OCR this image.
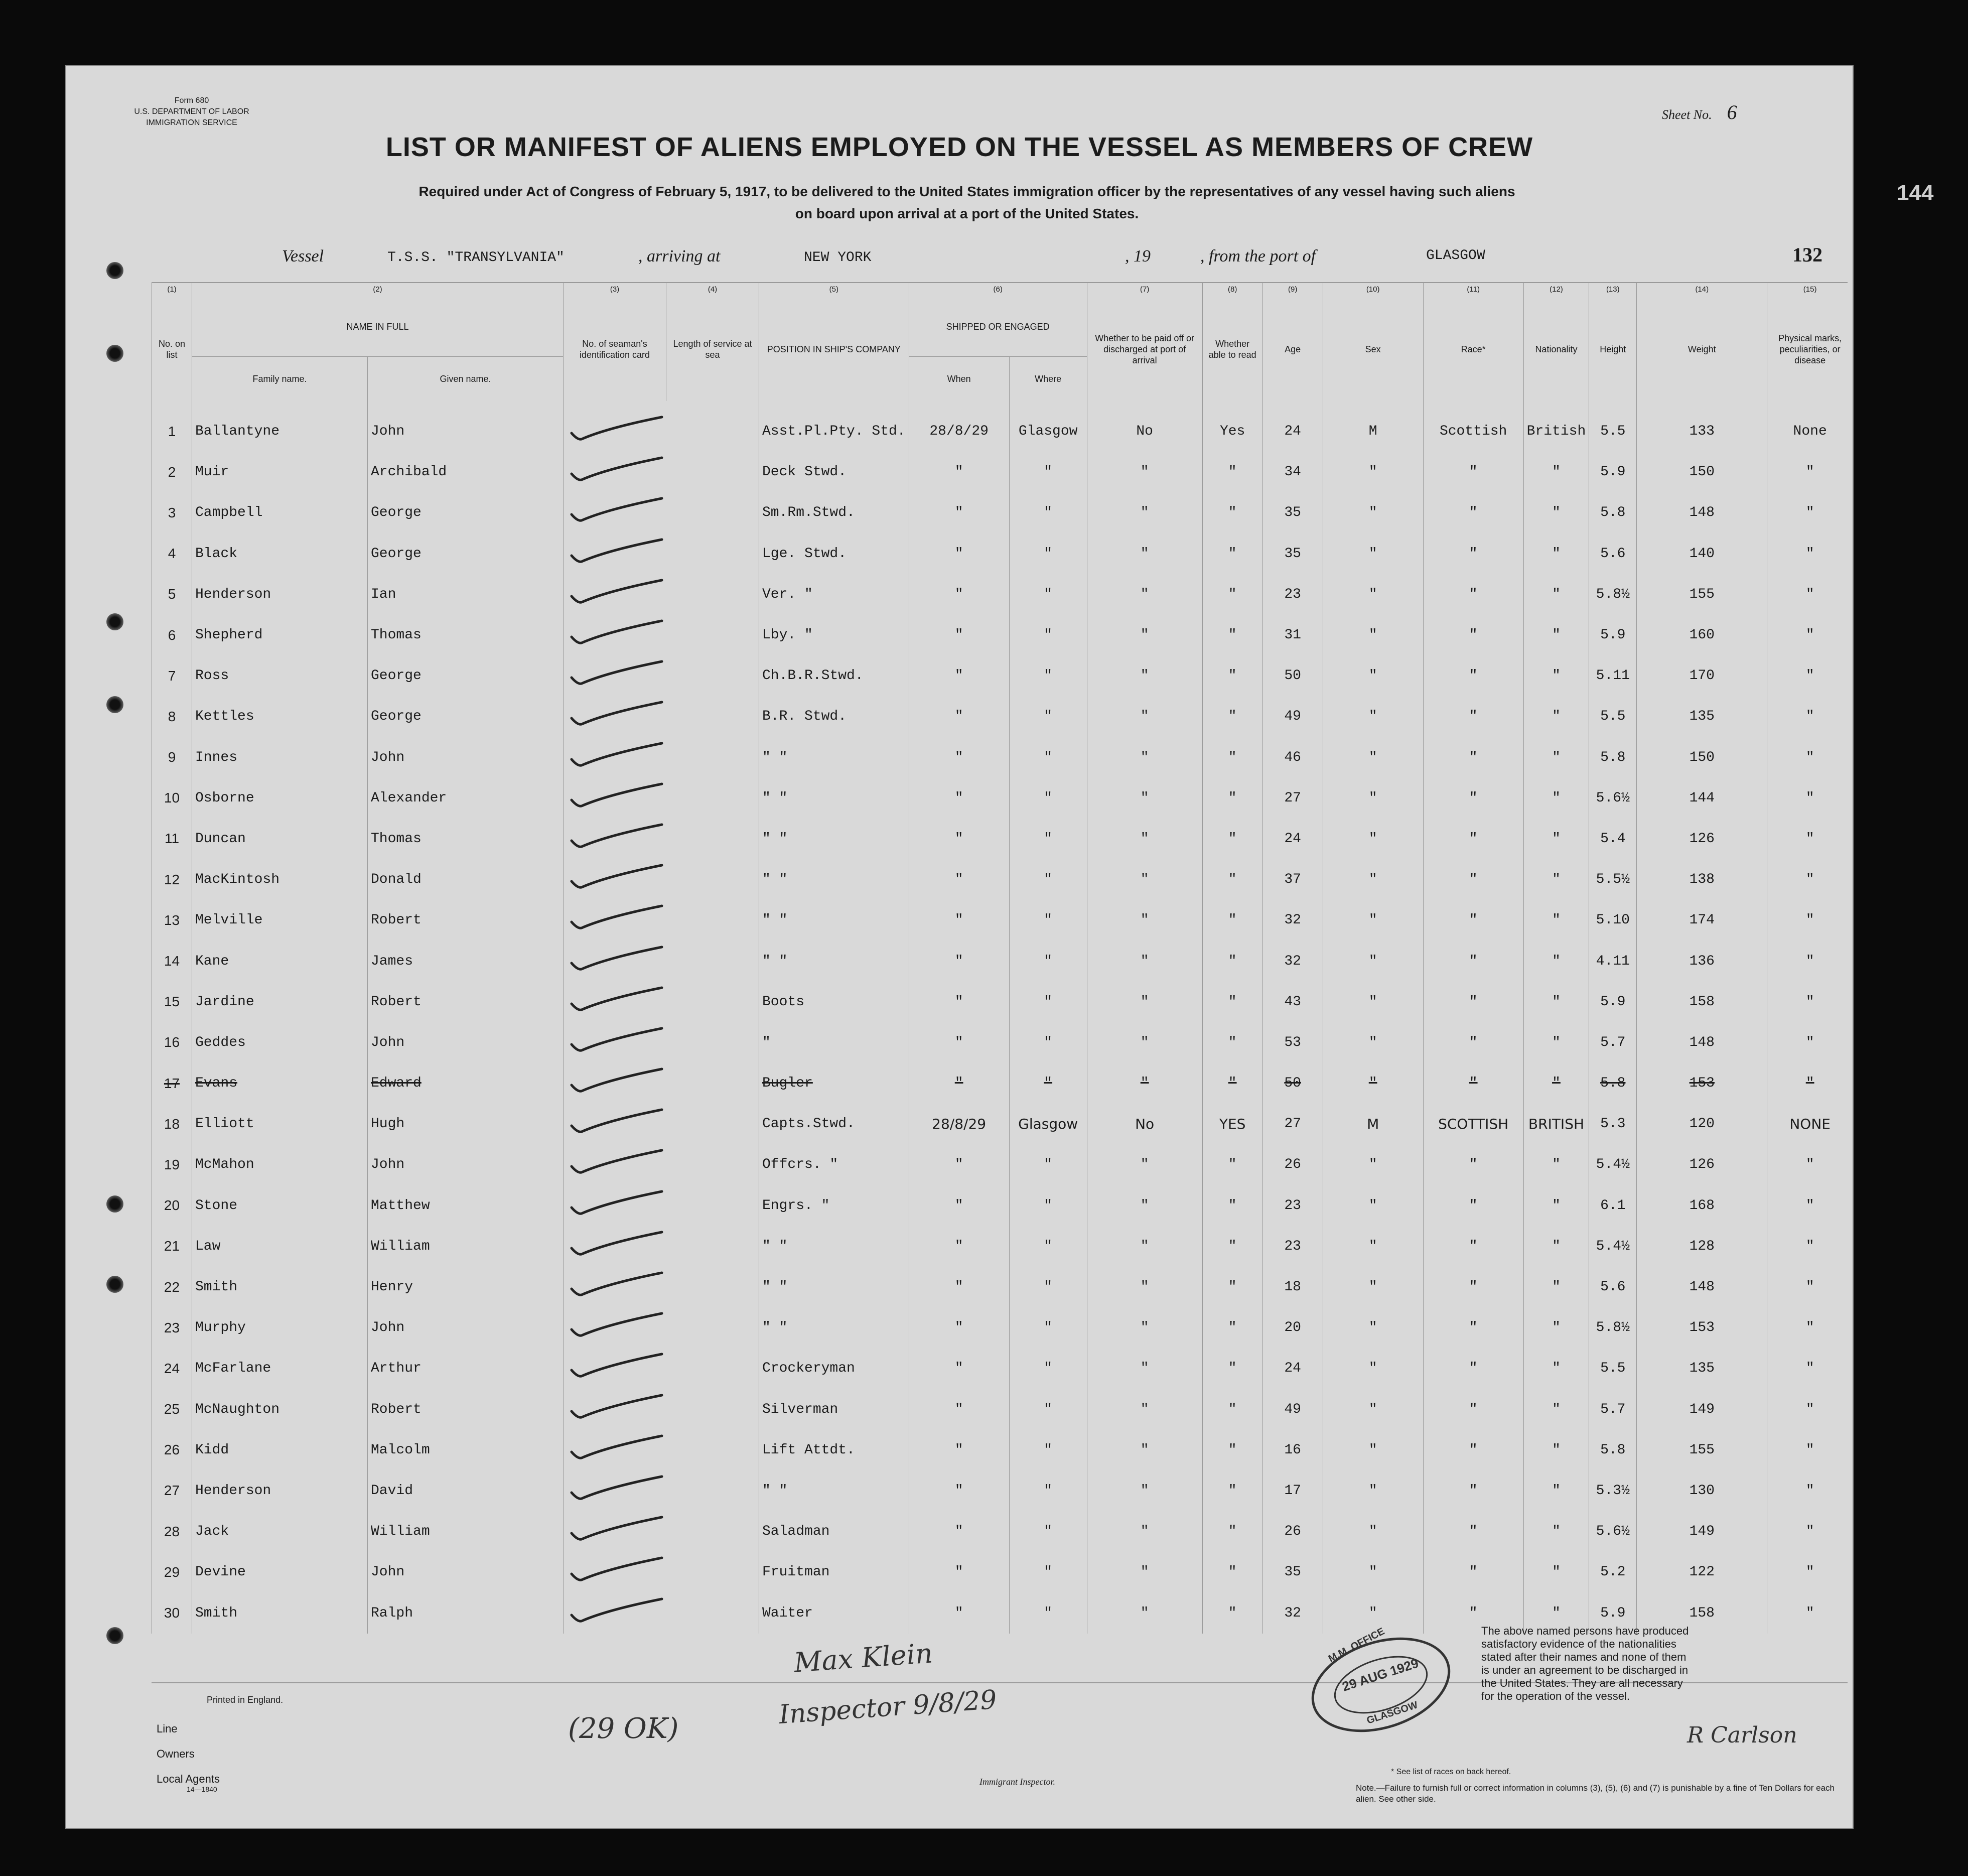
144
Form 680
U.S. DEPARTMENT OF LABOR
IMMIGRATION SERVICE
Sheet No. 6
LIST OR MANIFEST OF ALIENS EMPLOYED ON THE VESSEL AS MEMBERS OF CREW
Required under Act of Congress of February 5, 1917, to be delivered to the United States immigration officer by the representatives of any vessel having such aliens
on board upon arrival at a port of the United States.
Vessel	T.S.S. "TRANSYLVANIA"	, arriving at	NEW YORK	, 19	, from the port of	GLASGOW	132
(1)	(2)		(3)	(4)	(5)	(6)		(7)	(8)	(9)	(10)	(11)	(12)	(13)	(14)	(15)
No. on list	NAME IN FULL		No. of seaman's identification card	Length of service at sea	POSITION IN SHIP'S COMPANY	SHIPPED OR ENGAGED		Whether to be paid off or discharged at port of arrival	Whether able to read	Age	Sex	Race*	Nationality	Height	Weight	Physical marks, peculiarities, or disease
	Family name.	Given name.				When	Where									
1	Ballantyne	John			Asst.Pl.Pty. Std.	28/8/29	Glasgow	No	Yes	24	M	Scottish	British	5.5	133	None
2	Muir	Archibald			Deck Stwd.	"	"	"	"	34	"	"	"	5.9	150	"
3	Campbell	George			Sm.Rm.Stwd.	"	"	"	"	35	"	"	"	5.8	148	"
4	Black	George			Lge. Stwd.	"	"	"	"	35	"	"	"	5.6	140	"
5	Henderson	Ian			Ver. "	"	"	"	"	23	"	"	"	5.8½	155	"
6	Shepherd	Thomas			Lby. "	"	"	"	"	31	"	"	"	5.9	160	"
7	Ross	George			Ch.B.R.Stwd.	"	"	"	"	50	"	"	"	5.11	170	"
8	Kettles	George			B.R. Stwd.	"	"	"	"	49	"	"	"	5.5	135	"
9	Innes	John			" "	"	"	"	"	46	"	"	"	5.8	150	"
10	Osborne	Alexander			" "	"	"	"	"	27	"	"	"	5.6½	144	"
11	Duncan	Thomas			" "	"	"	"	"	24	"	"	"	5.4	126	"
12	MacKintosh	Donald			" "	"	"	"	"	37	"	"	"	5.5½	138	"
13	Melville	Robert			" "	"	"	"	"	32	"	"	"	5.10	174	"
14	Kane	James			" "	"	"	"	"	32	"	"	"	4.11	136	"
15	Jardine	Robert			Boots	"	"	"	"	43	"	"	"	5.9	158	"
16	Geddes	John			"	"	"	"	"	53	"	"	"	5.7	148	"
17	Evans	Edward			Bugler	"	"	"	"	50	"	"	"	5.8	153	"
18	Elliott	Hugh			Capts.Stwd.	28/8/29	Glasgow	No	YES	27	M	SCOTTISH	BRITISH	5.3	120	NONE
19	McMahon	John			Offcrs. "	"	"	"	"	26	"	"	"	5.4½	126	"
20	Stone	Matthew			Engrs. "	"	"	"	"	23	"	"	"	6.1	168	"
21	Law	William			" "	"	"	"	"	23	"	"	"	5.4½	128	"
22	Smith	Henry			" "	"	"	"	"	18	"	"	"	5.6	148	"
23	Murphy	John			" "	"	"	"	"	20	"	"	"	5.8½	153	"
24	McFarlane	Arthur			Crockeryman	"	"	"	"	24	"	"	"	5.5	135	"
25	McNaughton	Robert			Silverman	"	"	"	"	49	"	"	"	5.7	149	"
26	Kidd	Malcolm			Lift Attdt.	"	"	"	"	16	"	"	"	5.8	155	"
27	Henderson	David			" "	"	"	"	"	17	"	"	"	5.3½	130	"
28	Jack	William			Saladman	"	"	"	"	26	"	"	"	5.6½	149	"
29	Devine	John			Fruitman	"	"	"	"	35	"	"	"	5.2	122	"
30	Smith	Ralph			Waiter	"	"	"	"	32	"	"	"	5.9	158	"
Printed in England.
Line
Owners
Local Agents
14—1840
(29 OK)
Max Klein
Inspector 9/8/29
Immigrant Inspector.
29 AUG 1929
M.M. OFFICE
GLASGOW
The above named persons have produced satisfactory evidence of the nationalities stated after their names and none of them is under an agreement to be discharged in the United States. They are all necessary for the operation of the vessel.
R Carlson
* See list of races on back hereof.
Note.—Failure to furnish full or correct information in columns (3), (5), (6) and (7) is punishable by a fine of Ten Dollars for each alien. See other side.
